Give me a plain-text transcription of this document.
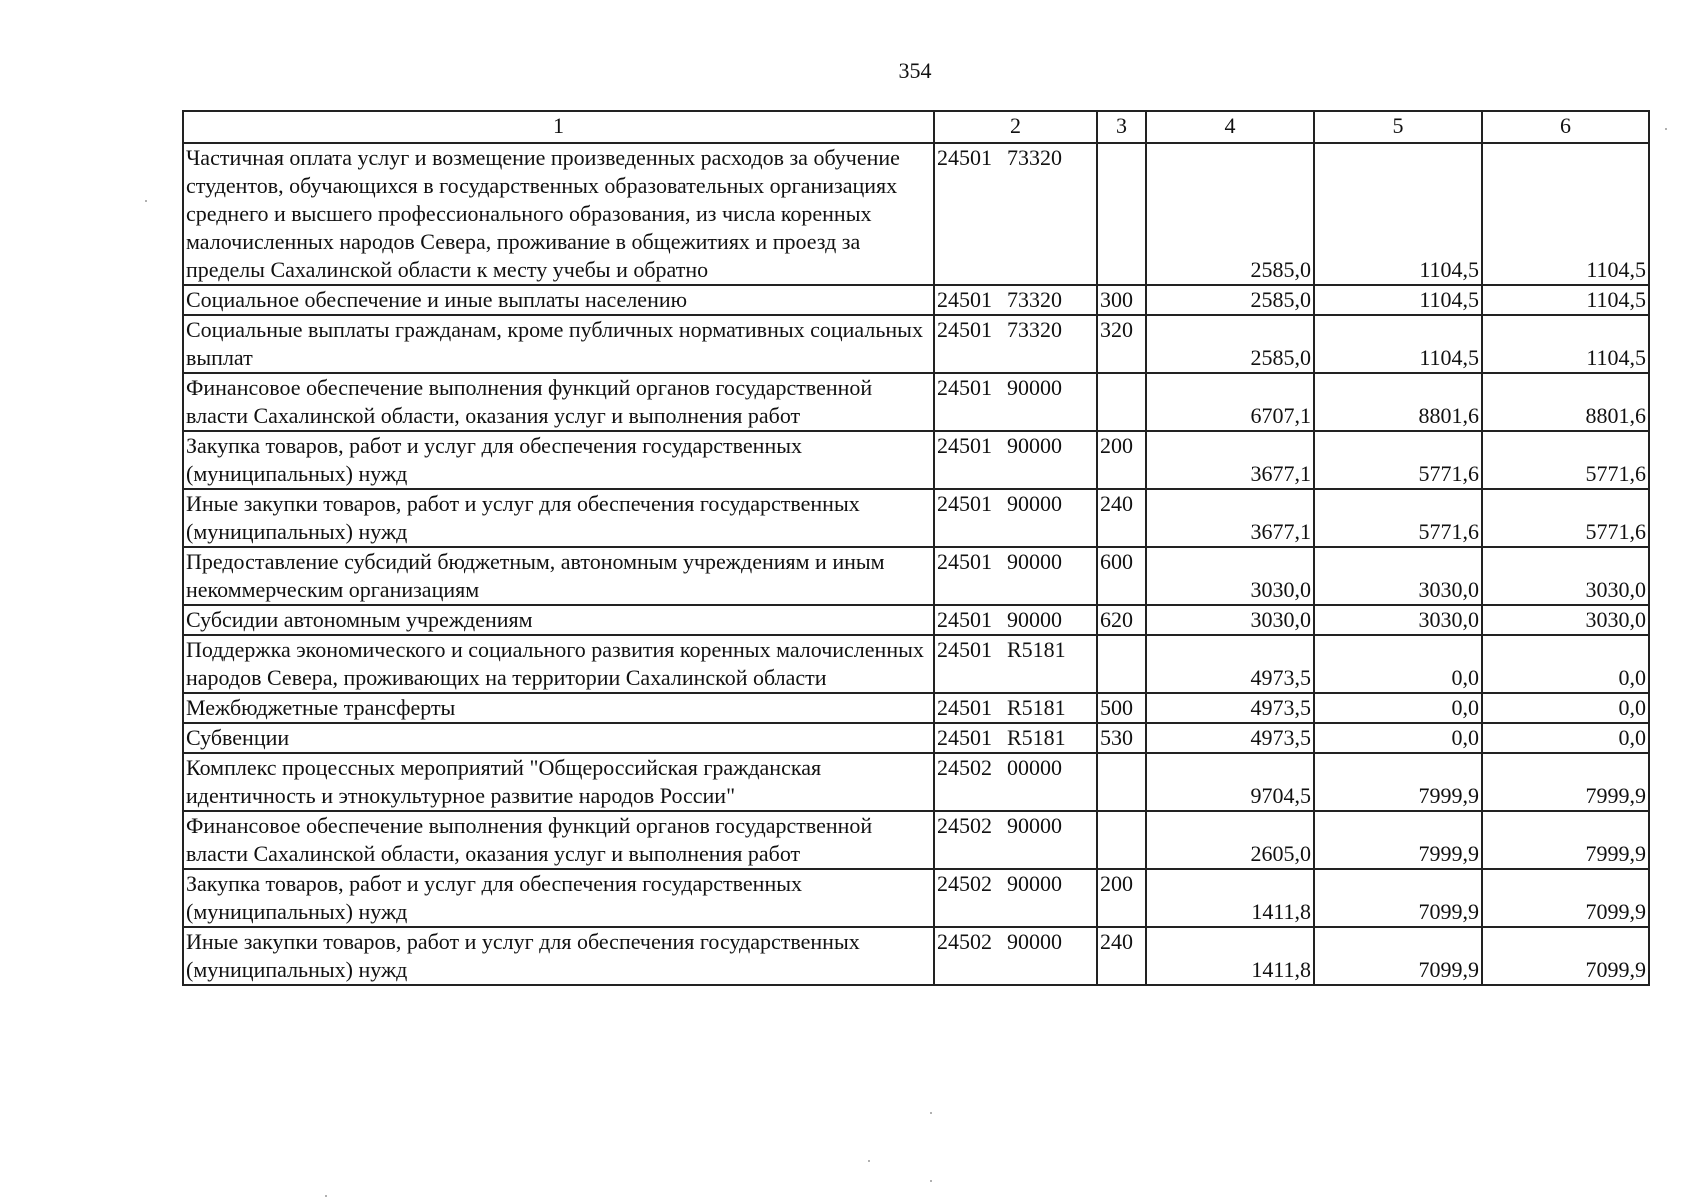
354
1	2	3	4	5	6
Частичная оплата услуг и возмещение произведенных расходов за обучение студентов, обучающихся в государственных образовательных организациях среднего и высшего профессионального образования, из числа коренных малочисленных народов Севера, проживание в общежитиях и проезд за пределы Сахалинской области к месту учебы и обратно	24501 73320		2585,0	1104,5	1104,5
Социальное обеспечение и иные выплаты населению	24501 73320	300	2585,0	1104,5	1104,5
Социальные выплаты гражданам, кроме публичных нормативных социальных выплат	24501 73320	320	2585,0	1104,5	1104,5
Финансовое обеспечение выполнения функций органов государственной власти Сахалинской области, оказания услуг и выполнения работ	24501 90000		6707,1	8801,6	8801,6
Закупка товаров, работ и услуг для обеспечения государственных (муниципальных) нужд	24501 90000	200	3677,1	5771,6	5771,6
Иные закупки товаров, работ и услуг для обеспечения государственных (муниципальных) нужд	24501 90000	240	3677,1	5771,6	5771,6
Предоставление субсидий бюджетным, автономным учреждениям и иным некоммерческим организациям	24501 90000	600	3030,0	3030,0	3030,0
Субсидии автономным учреждениям	24501 90000	620	3030,0	3030,0	3030,0
Поддержка экономического и социального развития коренных малочисленных народов Севера, проживающих на территории Сахалинской области	24501 R5181		4973,5	0,0	0,0
Межбюджетные трансферты	24501 R5181	500	4973,5	0,0	0,0
Субвенции	24501 R5181	530	4973,5	0,0	0,0
Комплекс процессных мероприятий "Общероссийская гражданская идентичность и этнокультурное развитие народов России"	24502 00000		9704,5	7999,9	7999,9
Финансовое обеспечение выполнения функций органов государственной власти Сахалинской области, оказания услуг и выполнения работ	24502 90000		2605,0	7999,9	7999,9
Закупка товаров, работ и услуг для обеспечения государственных (муниципальных) нужд	24502 90000	200	1411,8	7099,9	7099,9
Иные закупки товаров, работ и услуг для обеспечения государственных (муниципальных) нужд	24502 90000	240	1411,8	7099,9	7099,9
